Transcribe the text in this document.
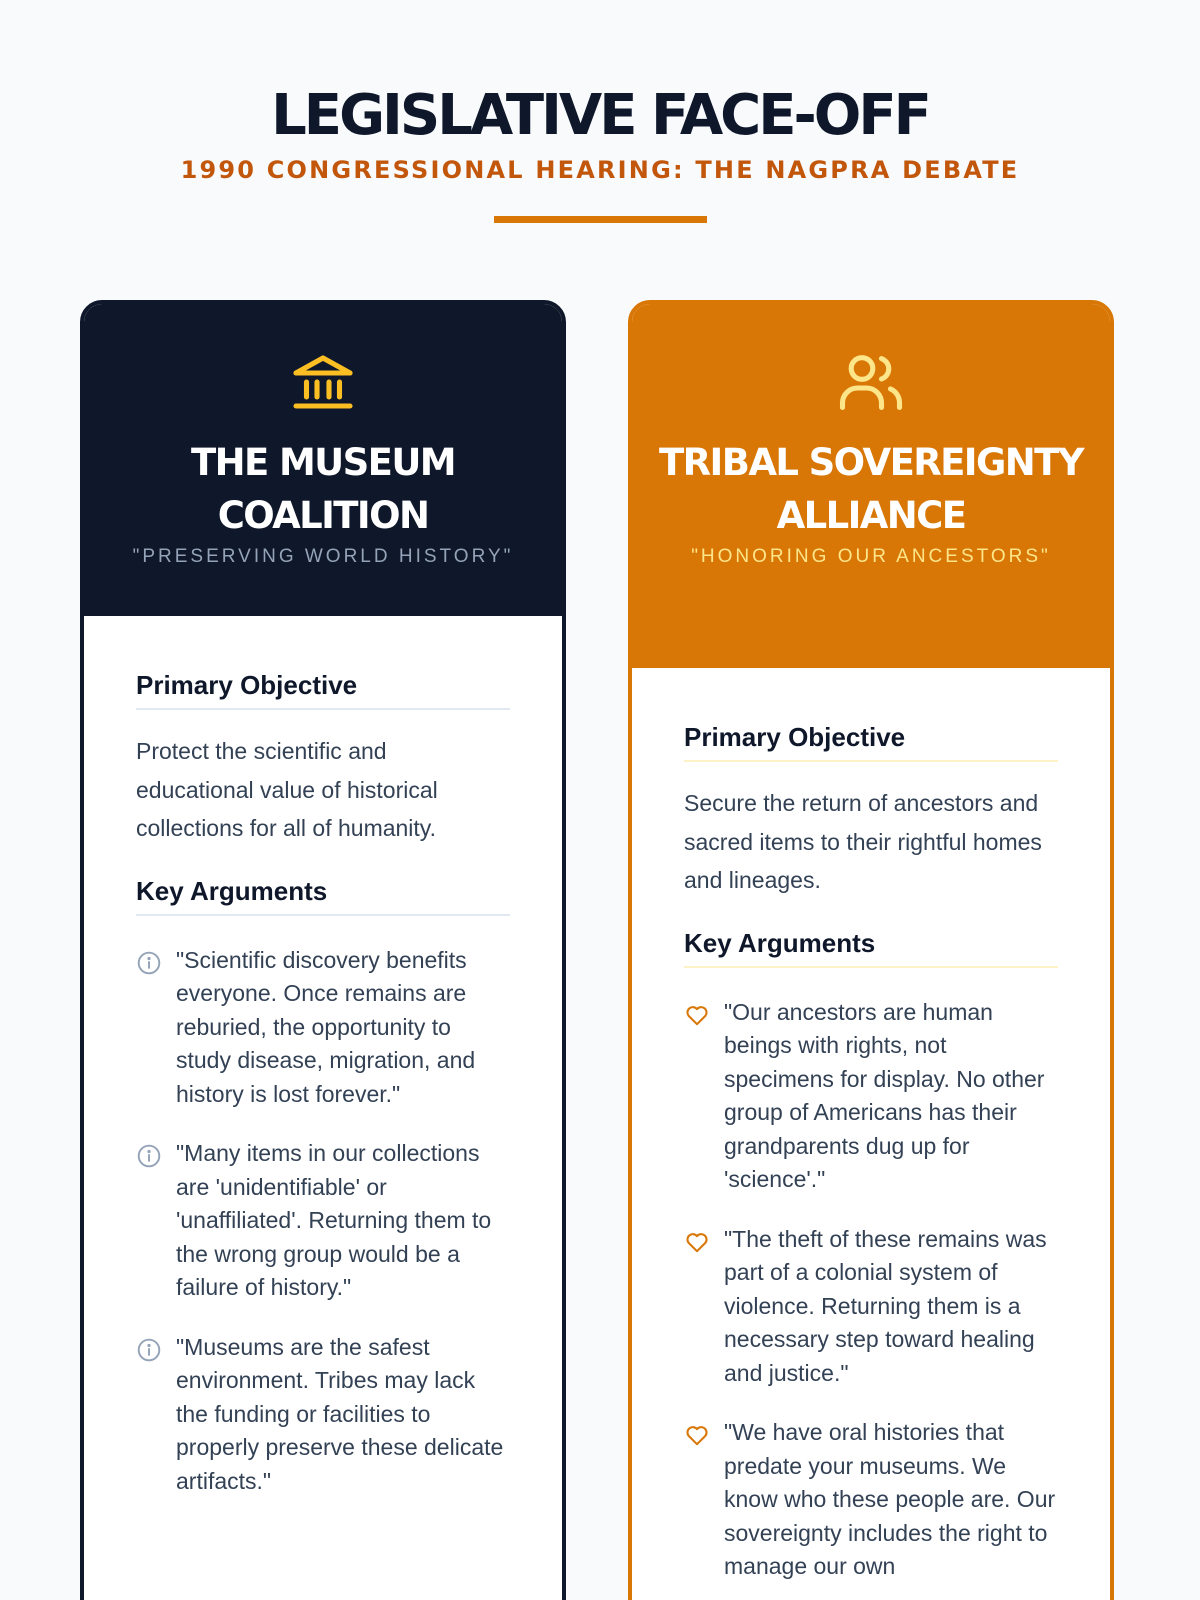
LEGISLATIVE FACE-OFF
1990 CONGRESSIONAL HEARING: THE NAGPRA DEBATE
THE MUSEUM COALITION

"PRESERVING WORLD HISTORY"

Primary Objective

Protect the scientific and educational value of historical collections for all of humanity.

Key Arguments
"Scientific discovery benefits everyone. Once remains are reburied, the opportunity to study disease, migration, and history is lost forever."
"Many items in our collections are 'unidentifiable' or 'unaffiliated'. Returning them to the wrong group would be a failure of history."
"Museums are the safest environment. Tribes may lack the funding or facilities to properly preserve these delicate artifacts."
TRIBAL SOVEREIGNTY ALLIANCE

"HONORING OUR ANCESTORS"

Primary Objective

Secure the return of ancestors and sacred items to their rightful homes and lineages.

Key Arguments
"Our ancestors are human beings with rights, not specimens for display. No other group of Americans has their grandparents dug up for 'science'."
"The theft of these remains was part of a colonial system of violence. Returning them is a necessary step toward healing and justice."
"We have oral histories that predate your museums. We know who these people are. Our sovereignty includes the right to manage our own
